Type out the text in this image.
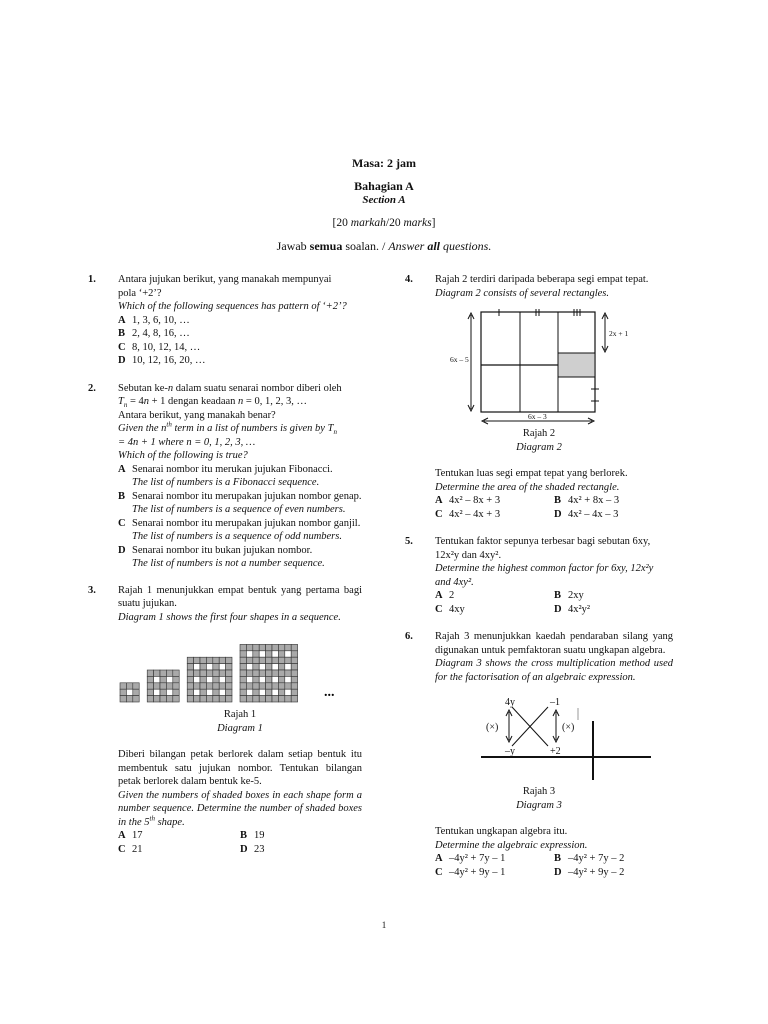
Masa: 2 jam
Bahagian A
Section A
[20 markah/20 marks]
Jawab semua soalan. / Answer all questions.
1. Antara jujukan berikut, yang manakah mempunyai
pola ‘+2’?
Which of the following sequences has pattern of ‘+2’?
A 1, 3, 6, 10, …
B 2, 4, 8, 16, …
C 8, 10, 12, 14, …
D 10, 12, 16, 20, …
2. Sebutan ke-n dalam suatu senarai nombor diberi oleh
$T_n = 4n + 1$ dengan keadaan n = 0, 1, 2, 3, …
Antara berikut, yang manakah benar?
Given the $n^{th}$ term in a list of numbers is given by $T_n$
= 4n + 1 where n = 0, 1, 2, 3, …
Which of the following is true?
A Senarai nombor itu merukan jujukan Fibonacci.
The list of numbers is a Fibonacci sequence.
B Senarai nombor itu merupakan jujukan nombor genap.
The list of numbers is a sequence of even numbers.
C Senarai nombor itu merupakan jujukan nombor ganjil.
The list of numbers is a sequence of odd numbers.
D Senarai nombor itu bukan jujukan nombor.
The list of numbers is not a number sequence.
3. Rajah 1 menunjukkan empat bentuk yang pertama bagi suatu jujukan.
Diagram 1 shows the first four shapes in a sequence.
...
Rajah 1
Diagram 1
Diberi bilangan petak berlorek dalam setiap bentuk itu membentuk satu jujukan nombor. Tentukan bilangan petak berlorek dalam bentuk ke-5.
Given the numbers of shaded boxes in each shape form a number sequence. Determine the number of shaded boxes in the 5th shape.
A 17	B 19
C 21	D 23
4. Rajah 2 terdiri daripada beberapa segi empat tepat.
Diagram 2 consists of several rectangles.
6x – 5
2x + 1
6x – 3
Rajah 2
Diagram 2
Tentukan luas segi empat tepat yang berlorek.
Determine the area of the shaded rectangle.
A 4x² – 8x + 3	B 4x² + 8x – 3
C 4x² – 4x + 3	D 4x² – 4x – 3
5. Tentukan faktor sepunya terbesar bagi sebutan 6xy,
12x²y dan 4xy².
Determine the highest common factor for 6xy, 12x²y
and 4xy².
A 2	B 2xy
C 4xy	D 4x²y²
6. Rajah 3 menunjukkan kaedah pendaraban silang yang digunakan untuk pemfaktoran suatu ungkapan algebra.
Diagram 3 shows the cross multiplication method used for the factorisation of an algebraic expression.
4y	–1
(×)	(×)
–y	+2
Rajah 3
Diagram 3
Tentukan ungkapan algebra itu.
Determine the algebraic expression.
A –4y² + 7y – 1	B –4y² + 7y – 2
C –4y² + 9y – 1	D –4y² + 9y – 2
1
